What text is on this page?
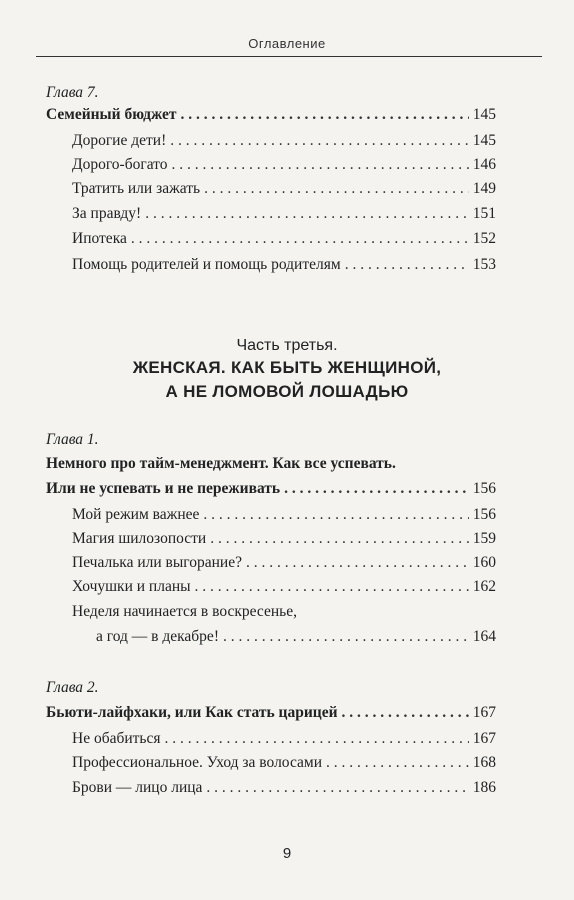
Оглавление
Глава 7.
Семейный бюджет . . .	145
Дорогие дети! . . .	145
Дорого-богато . . .	146
Тратить или зажать . . .	149
За правду! . . .	151
Ипотека . . .	152
Помощь родителей и помощь родителям . . .	153
Часть третья.
ЖЕНСКАЯ. КАК БЫТЬ ЖЕНЩИНОЙ,
А НЕ ЛОМОВОЙ ЛОШАДЬЮ
Глава 1.
Немного про тайм-менеджмент. Как все успевать.
Или не успевать и не переживать . . .	156
Мой режим важнее . . .	156
Магия шилозопости . . .	159
Печалька или выгорание? . . .	160
Хочушки и планы . . .	162
Неделя начинается в воскресенье,
а год — в декабре! . . .	164
Глава 2.
Бьюти-лайфхаки, или Как стать царицей . . .	167
Не обабиться . . .	167
Профессиональное. Уход за волосами . . .	168
Брови — лицо лица . . .	186
9
